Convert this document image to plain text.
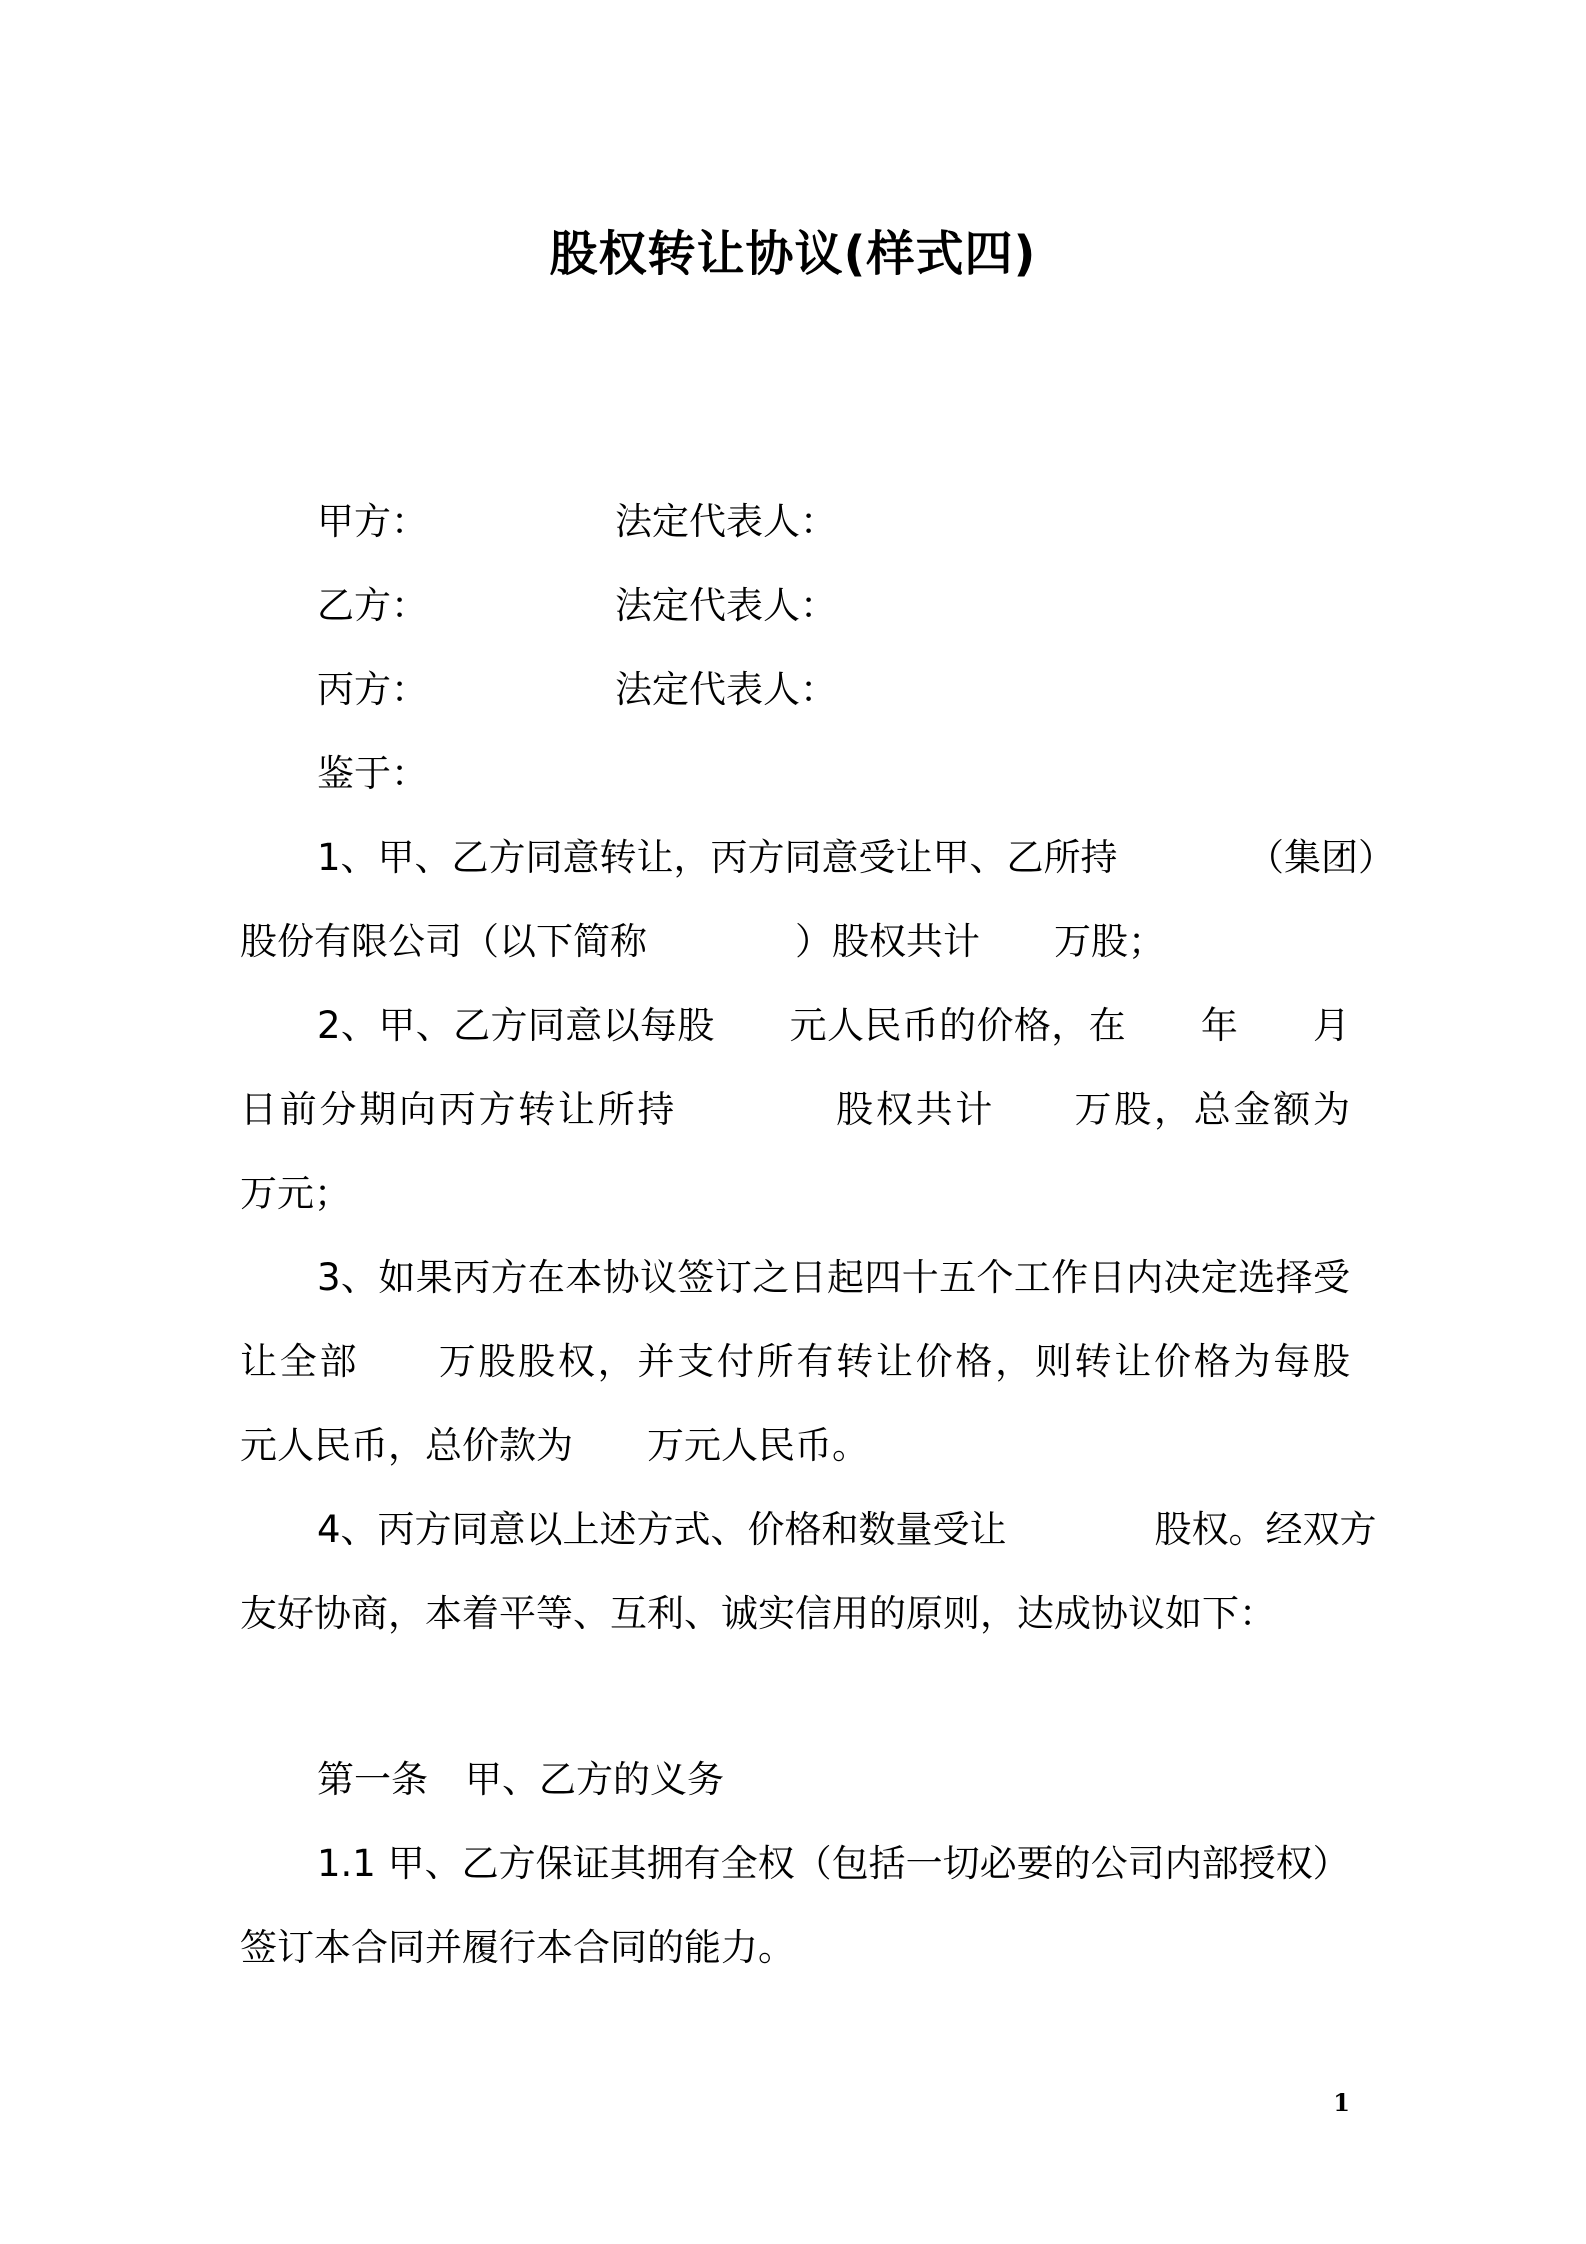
股权转让协议(样式四)
甲方：	法定代表人：
乙方：	法定代表人：
丙方：	法定代表人：
鉴于：
1、甲、乙方同意转让，丙方同意受让甲、乙所持　　　　（集团）
股份有限公司（以下简称　　　　）股权共计　　万股；
2、甲、乙方同意以每股　　元人民币的价格，在　　年　　月
日前分期向丙方转让所持　　　　股权共计　　万股，总金额为
万元；
3、如果丙方在本协议签订之日起四十五个工作日内决定选择受
让全部　　万股股权，并支付所有转让价格，则转让价格为每股
元人民币，总价款为　　万元人民币。
4、丙方同意以上述方式、价格和数量受让　　　　股权。经双方
友好协商，本着平等、互利、诚实信用的原则，达成协议如下：
第一条　甲、乙方的义务
1.1 甲、乙方保证其拥有全权（包括一切必要的公司内部授权）
签订本合同并履行本合同的能力。
1
